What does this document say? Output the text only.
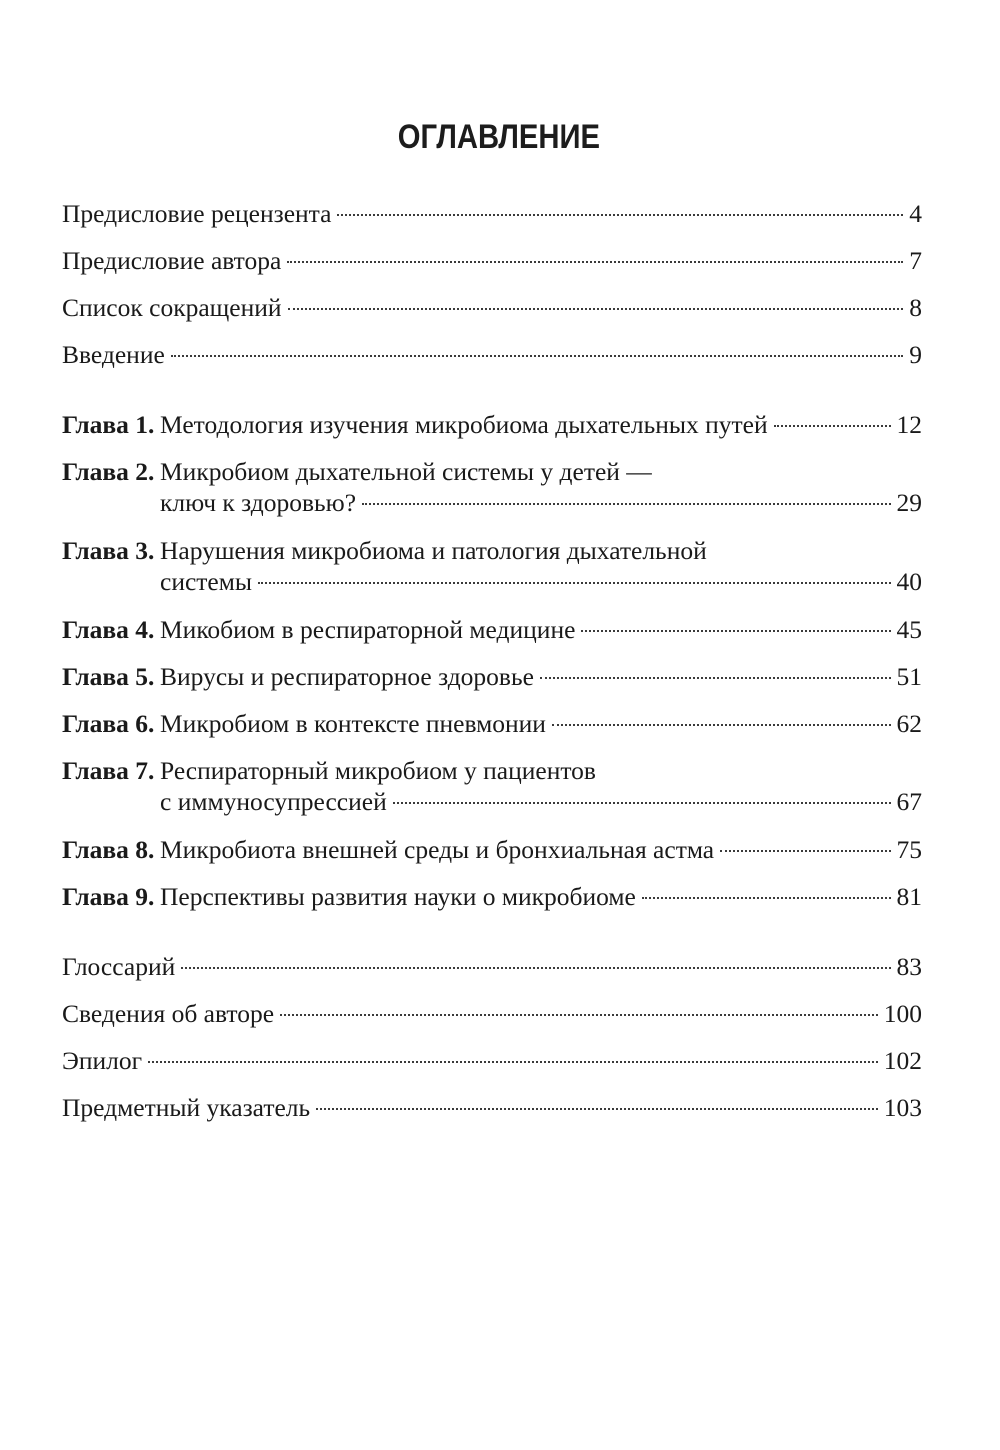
ОГЛАВЛЕНИЕ
Предисловие рецензента	4
Предисловие автора	7
Список сокращений	8
Введение	9
Глава 1. Методология изучения микробиома дыхательных путей	12
Глава 2. Микробиом дыхательной системы у детей —
ключ к здоровью?	29
Глава 3. Нарушения микробиома и патология дыхательной
системы	40
Глава 4. Микобиом в респираторной медицине	45
Глава 5. Вирусы и респираторное здоровье	51
Глава 6. Микробиом в контексте пневмонии	62
Глава 7. Респираторный микробиом у пациентов
с иммуносупрессией	67
Глава 8. Микробиота внешней среды и бронхиальная астма	75
Глава 9. Перспективы развития науки о микробиоме	81
Глоссарий	83
Сведения об авторе	100
Эпилог	102
Предметный указатель	103
